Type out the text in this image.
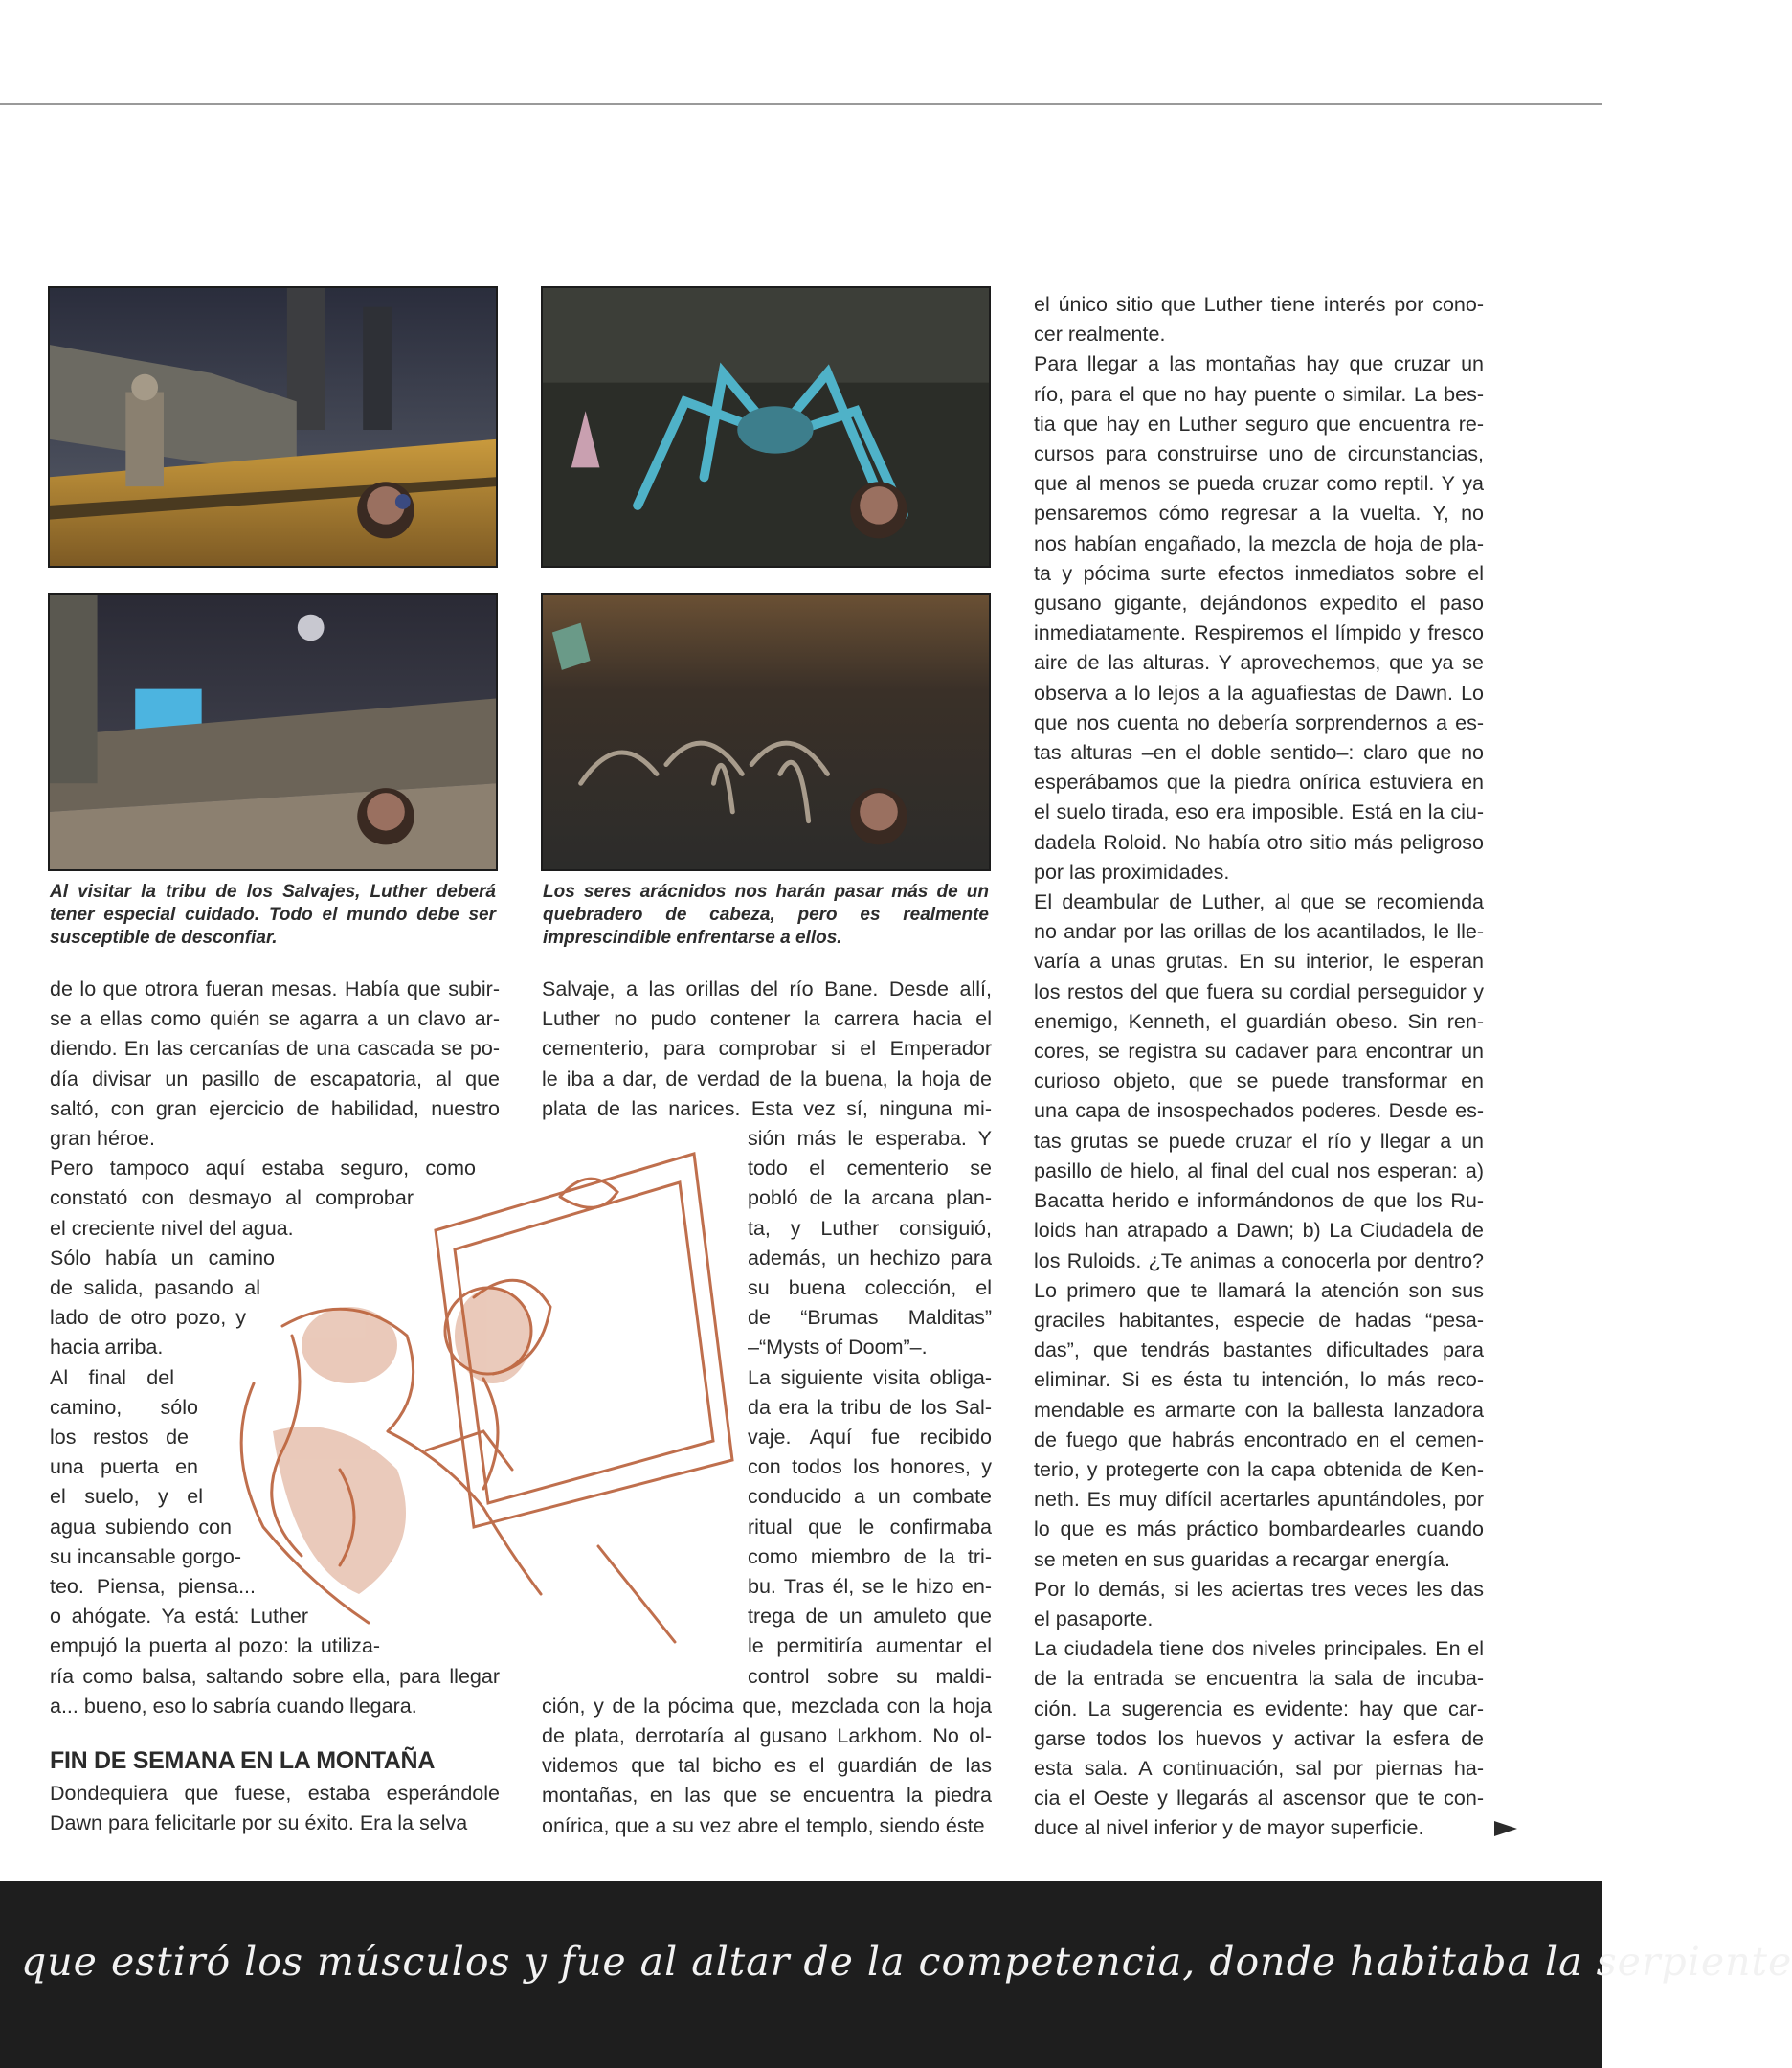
Al visitar la tribu de los Salvajes, Luther deberá tener especial cuidado. Todo el mundo debe ser susceptible de desconfiar.

Los seres arácnidos nos harán pasar más de un quebradero de cabeza, pero es realmente imprescindible enfrentarse a ellos.

de lo que otrora fueran mesas. Había que subir-
se a ellas como quién se agarra a un clavo ar-
diendo. En las cercanías de una cascada se po-
día divisar un pasillo de escapatoria, al que
saltó, con gran ejercicio de habilidad, nuestro
gran héroe.
Pero tampoco aquí estaba seguro, como
constató con desmayo al comprobar
el creciente nivel del agua.
Sólo había un camino
de salida, pasando al
lado de otro pozo, y
hacia arriba.
Al final del
camino, sólo
los restos de
una puerta en
el suelo, y el
agua subiendo con
su incansable gorgo-
teo. Piensa, piensa...
o ahógate. Ya está: Luther
empujó la puerta al pozo: la utiliza-
ría como balsa, saltando sobre ella, para llegar
a... bueno, eso lo sabría cuando llegara.
FIN DE SEMANA EN LA MONTAÑA
Dondequiera que fuese, estaba esperándole
Dawn para felicitarle por su éxito. Era la selva
Salvaje, a las orillas del río Bane. Desde allí,
Luther no pudo contener la carrera hacia el
cementerio, para comprobar si el Emperador
le iba a dar, de verdad de la buena, la hoja de
plata de las narices. Esta vez sí, ninguna mi-
sión más le esperaba. Y
todo el cementerio se
pobló de la arcana plan-
ta, y Luther consiguió,
además, un hechizo para
su buena colección, el
de “Brumas Malditas”
–“Mysts of Doom”–.
La siguiente visita obliga-
da era la tribu de los Sal-
vaje. Aquí fue recibido
con todos los honores, y
conducido a un combate
ritual que le confirmaba
como miembro de la tri-
bu. Tras él, se le hizo en-
trega de un amuleto que
le permitiría aumentar el
control sobre su maldi-
ción, y de la pócima que, mezclada con la hoja
de plata, derrotaría al gusano Larkhom. No ol-
videmos que tal bicho es el guardián de las
montañas, en las que se encuentra la piedra
onírica, que a su vez abre el templo, siendo éste
el único sitio que Luther tiene interés por cono-
cer realmente.
Para llegar a las montañas hay que cruzar un
río, para el que no hay puente o similar. La bes-
tia que hay en Luther seguro que encuentra re-
cursos para construirse uno de circunstancias,
que al menos se pueda cruzar como reptil. Y ya
pensaremos cómo regresar a la vuelta. Y, no
nos habían engañado, la mezcla de hoja de pla-
ta y pócima surte efectos inmediatos sobre el
gusano gigante, dejándonos expedito el paso
inmediatamente. Respiremos el límpido y fresco
aire de las alturas. Y aprovechemos, que ya se
observa a lo lejos a la aguafiestas de Dawn. Lo
que nos cuenta no debería sorprendernos a es-
tas alturas –en el doble sentido–: claro que no
esperábamos que la piedra onírica estuviera en
el suelo tirada, eso era imposible. Está en la ciu-
dadela Roloid. No había otro sitio más peligroso
por las proximidades.
El deambular de Luther, al que se recomienda
no andar por las orillas de los acantilados, le lle-
varía a unas grutas. En su interior, le esperan
los restos del que fuera su cordial perseguidor y
enemigo, Kenneth, el guardián obeso. Sin ren-
cores, se registra su cadaver para encontrar un
curioso objeto, que se puede transformar en
una capa de insospechados poderes. Desde es-
tas grutas se puede cruzar el río y llegar a un
pasillo de hielo, al final del cual nos esperan: a)
Bacatta herido e informándonos de que los Ru-
loids han atrapado a Dawn; b) La Ciudadela de
los Ruloids. ¿Te animas a conocerla por dentro?
Lo primero que te llamará la atención son sus
graciles habitantes, especie de hadas “pesa-
das”, que tendrás bastantes dificultades para
eliminar. Si es ésta tu intención, lo más reco-
mendable es armarte con la ballesta lanzadora
de fuego que habrás encontrado en el cemen-
terio, y protegerte con la capa obtenida de Ken-
neth. Es muy difícil acertarles apuntándoles, por
lo que es más práctico bombardearles cuando
se meten en sus guaridas a recargar energía.
Por lo demás, si les aciertas tres veces les das
el pasaporte.
La ciudadela tiene dos niveles principales. En el
de la entrada se encuentra la sala de incuba-
ción. La sugerencia es evidente: hay que car-
garse todos los huevos y activar la esfera de
esta sala. A continuación, sal por piernas ha-
cia el Oeste y llegarás al ascensor que te con-
duce al nivel inferior y de mayor superficie.
que estiró los músculos y fue al altar de la competencia, donde habitaba la serpiente
